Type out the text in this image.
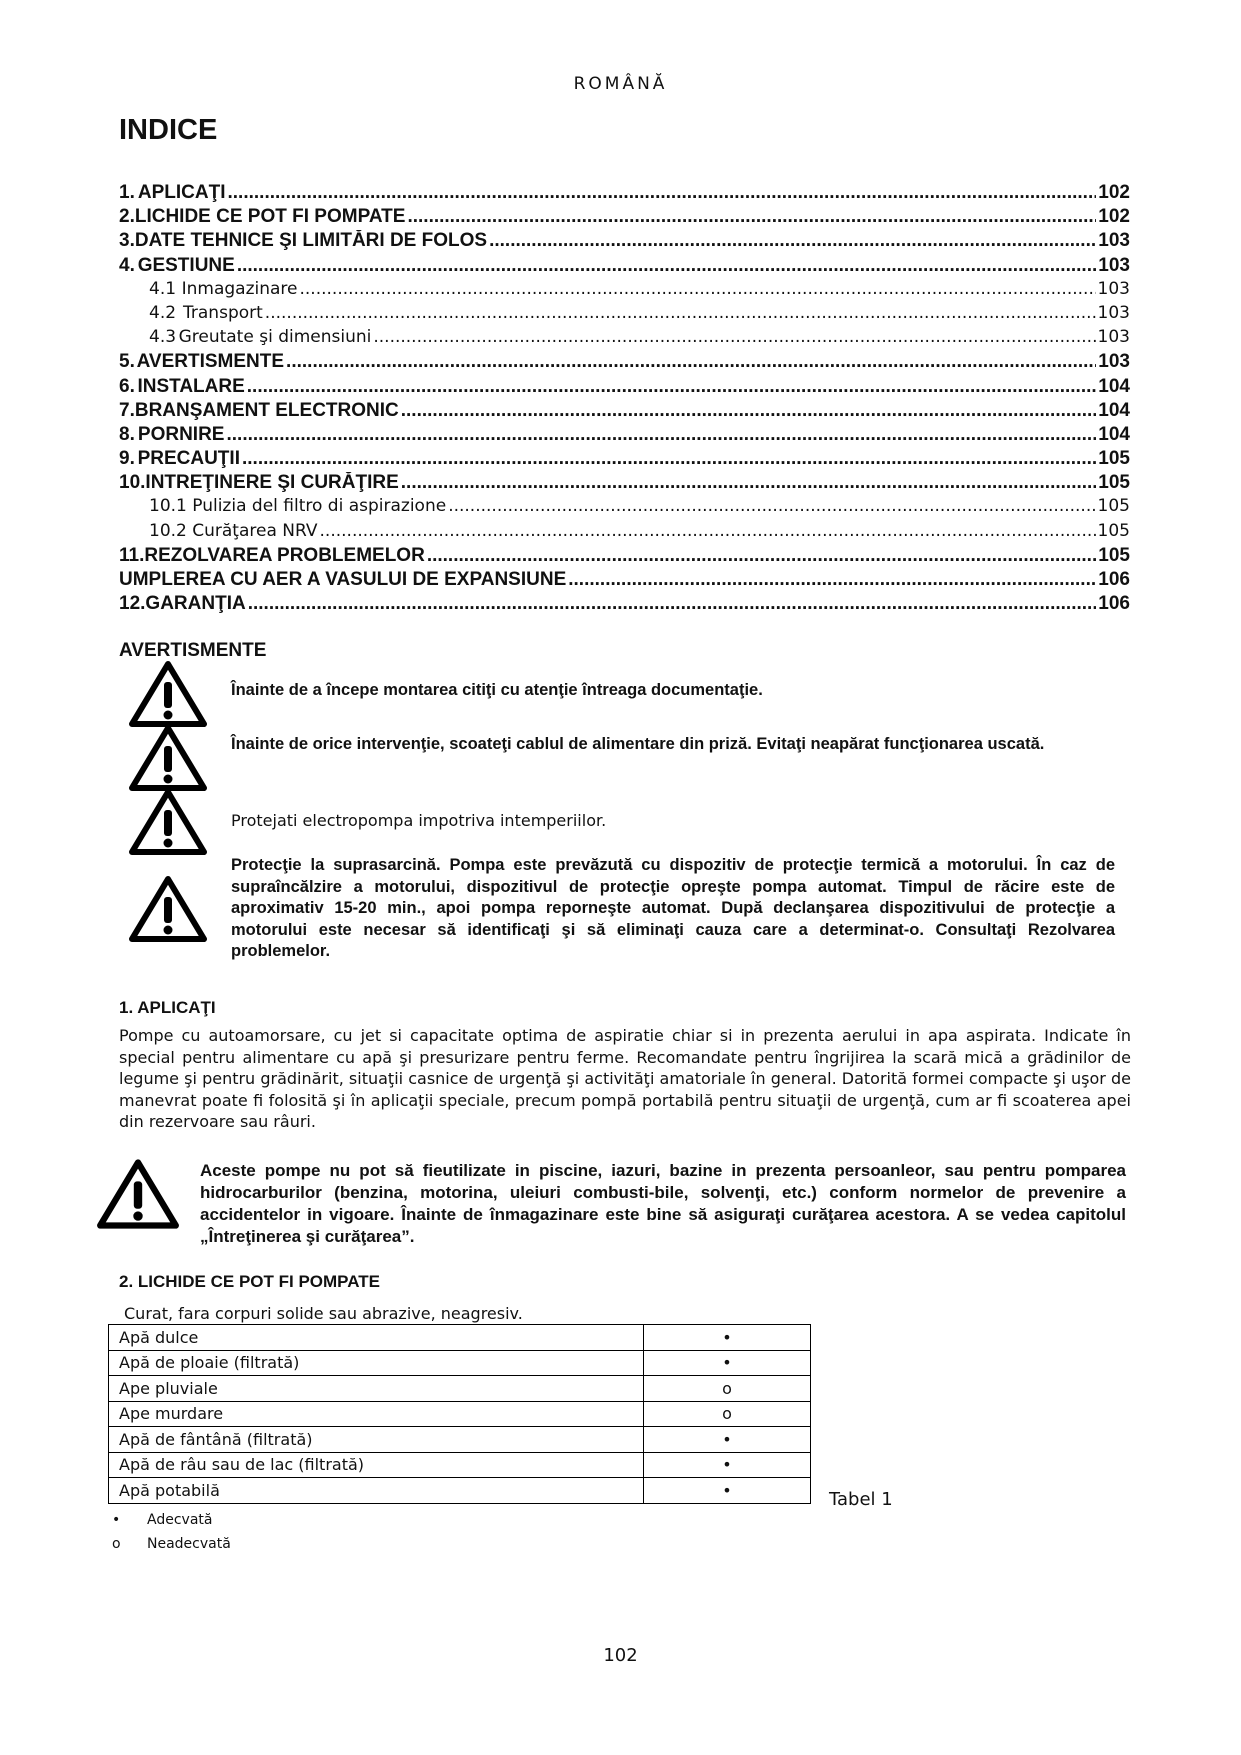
ROMÂNĂ
INDICE
1. APLICAŢI .....	102
2. LICHIDE CE POT FI POMPATE .....	102
3. DATE TEHNICE ŞI LIMITĂRI DE FOLOS .....	103
4. GESTIUNE .....	103
4.1 Inmagazinare .....	103
4.2 Transport .....	103
4.3 Greutate şi dimensiuni .....	103
5. AVERTISMENTE .....	103
6. INSTALARE .....	104
7. BRANŞAMENT ELECTRONIC .....	104
8. PORNIRE .....	104
9. PRECAUŢII .....	105
10. INTREŢINERE ŞI CURĂŢIRE .....	105
10.1 Pulizia del filtro di aspirazione .....	105
10.2 Curăţarea NRV .....	105
11. REZOLVAREA PROBLEMELOR .....	105
UMPLEREA CU AER A VASULUI DE EXPANSIUNE .....	106
12. GARANŢIA .....	106
AVERTISMENTE

Înainte de a începe montarea citiţi cu atenţie întreaga documentaţie.

Înainte de orice intervenţie, scoateţi cablul de alimentare din priză. Evitaţi neapărat funcţionarea uscată.

Protejati electropompa impotriva intemperiilor.

Protecţie la suprasarcină. Pompa este prevăzută cu dispozitiv de protecţie termică a motorului. În caz de supraîncălzire a motorului, dispozitivul de protecţie opreşte pompa automat. Timpul de răcire este de aproximativ 15-20 min., apoi pompa reporneşte automat. După declanşarea dispozitivului de protecţie a motorului este necesar să identificaţi şi să eliminaţi cauza care a determinat-o. Consultaţi Rezolvarea problemelor.

1. APLICAŢI

Pompe cu autoamorsare, cu jet si capacitate optima de aspiratie chiar si in prezenta aerului in apa aspirata. Indicate în special pentru alimentare cu apă şi presurizare pentru ferme. Recomandate pentru îngrijirea la scară mică a grădinilor de legume şi pentru grădinărit, situaţii casnice de urgenţă şi activităţi amatoriale în general. Datorită formei compacte şi uşor de manevrat poate fi folosită şi în aplicaţii speciale, precum pompă portabilă pentru situaţii de urgenţă, cum ar fi scoaterea apei din rezervoare sau râuri.

Aceste pompe nu pot să fieutilizate in piscine, iazuri, bazine in prezenta persoanleor, sau pentru pomparea hidrocarburilor (benzina, motorina, uleiuri combusti-bile, solvenţi, etc.) conform normelor de prevenire a accidentelor in vigoare. Înainte de înmagazinare este bine să asiguraţi curăţarea acestora. A se vedea capitolul „Întreţinerea şi curăţarea”.

2. LICHIDE CE POT FI POMPATE
Curat, fara corpuri solide sau abrazive, neagresiv.
Apă dulce	•
Apă de ploaie (filtrată)	•
Ape pluviale	o
Ape murdare	o
Apă de fântână (filtrată)	•
Apă de râu sau de lac (filtrată)	•
Apă potabilă	•	Tabel 1
•	Adecvată
o	Neadecvată
102
